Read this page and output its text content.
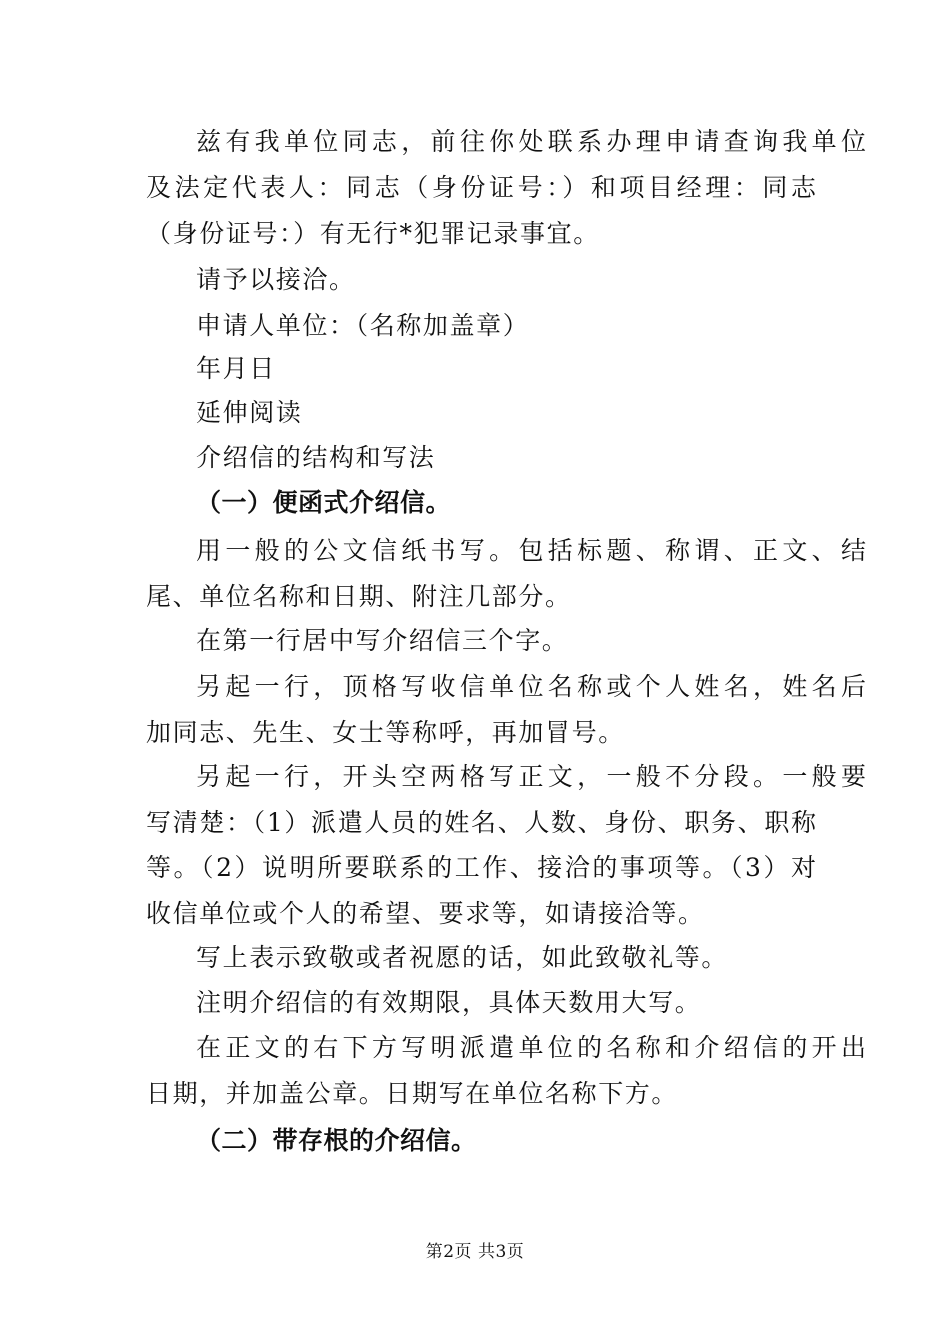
兹有我单位同志，前往你处联系办理申请查询我单位
及法定代表人：同志（身份证号：）和项目经理：同志
（身份证号：）有无行*犯罪记录事宜。
请予以接洽。
申请人单位：（名称加盖章）
年月日
延伸阅读
介绍信的结构和写法
（一）便函式介绍信。
用一般的公文信纸书写。包括标题、称谓、正文、结
尾、单位名称和日期、附注几部分。
在第一行居中写介绍信三个字。
另起一行，顶格写收信单位名称或个人姓名，姓名后
加同志、先生、女士等称呼，再加冒号。
另起一行，开头空两格写正文，一般不分段。一般要
写清楚：（1）派遣人员的姓名、人数、身份、职务、职称
等。（2）说明所要联系的工作、接洽的事项等。（3）对
收信单位或个人的希望、要求等，如请接洽等。
写上表示致敬或者祝愿的话，如此致敬礼等。
注明介绍信的有效期限，具体天数用大写。
在正文的右下方写明派遣单位的名称和介绍信的开出
日期，并加盖公章。日期写在单位名称下方。
（二）带存根的介绍信。
第2页 共3页
